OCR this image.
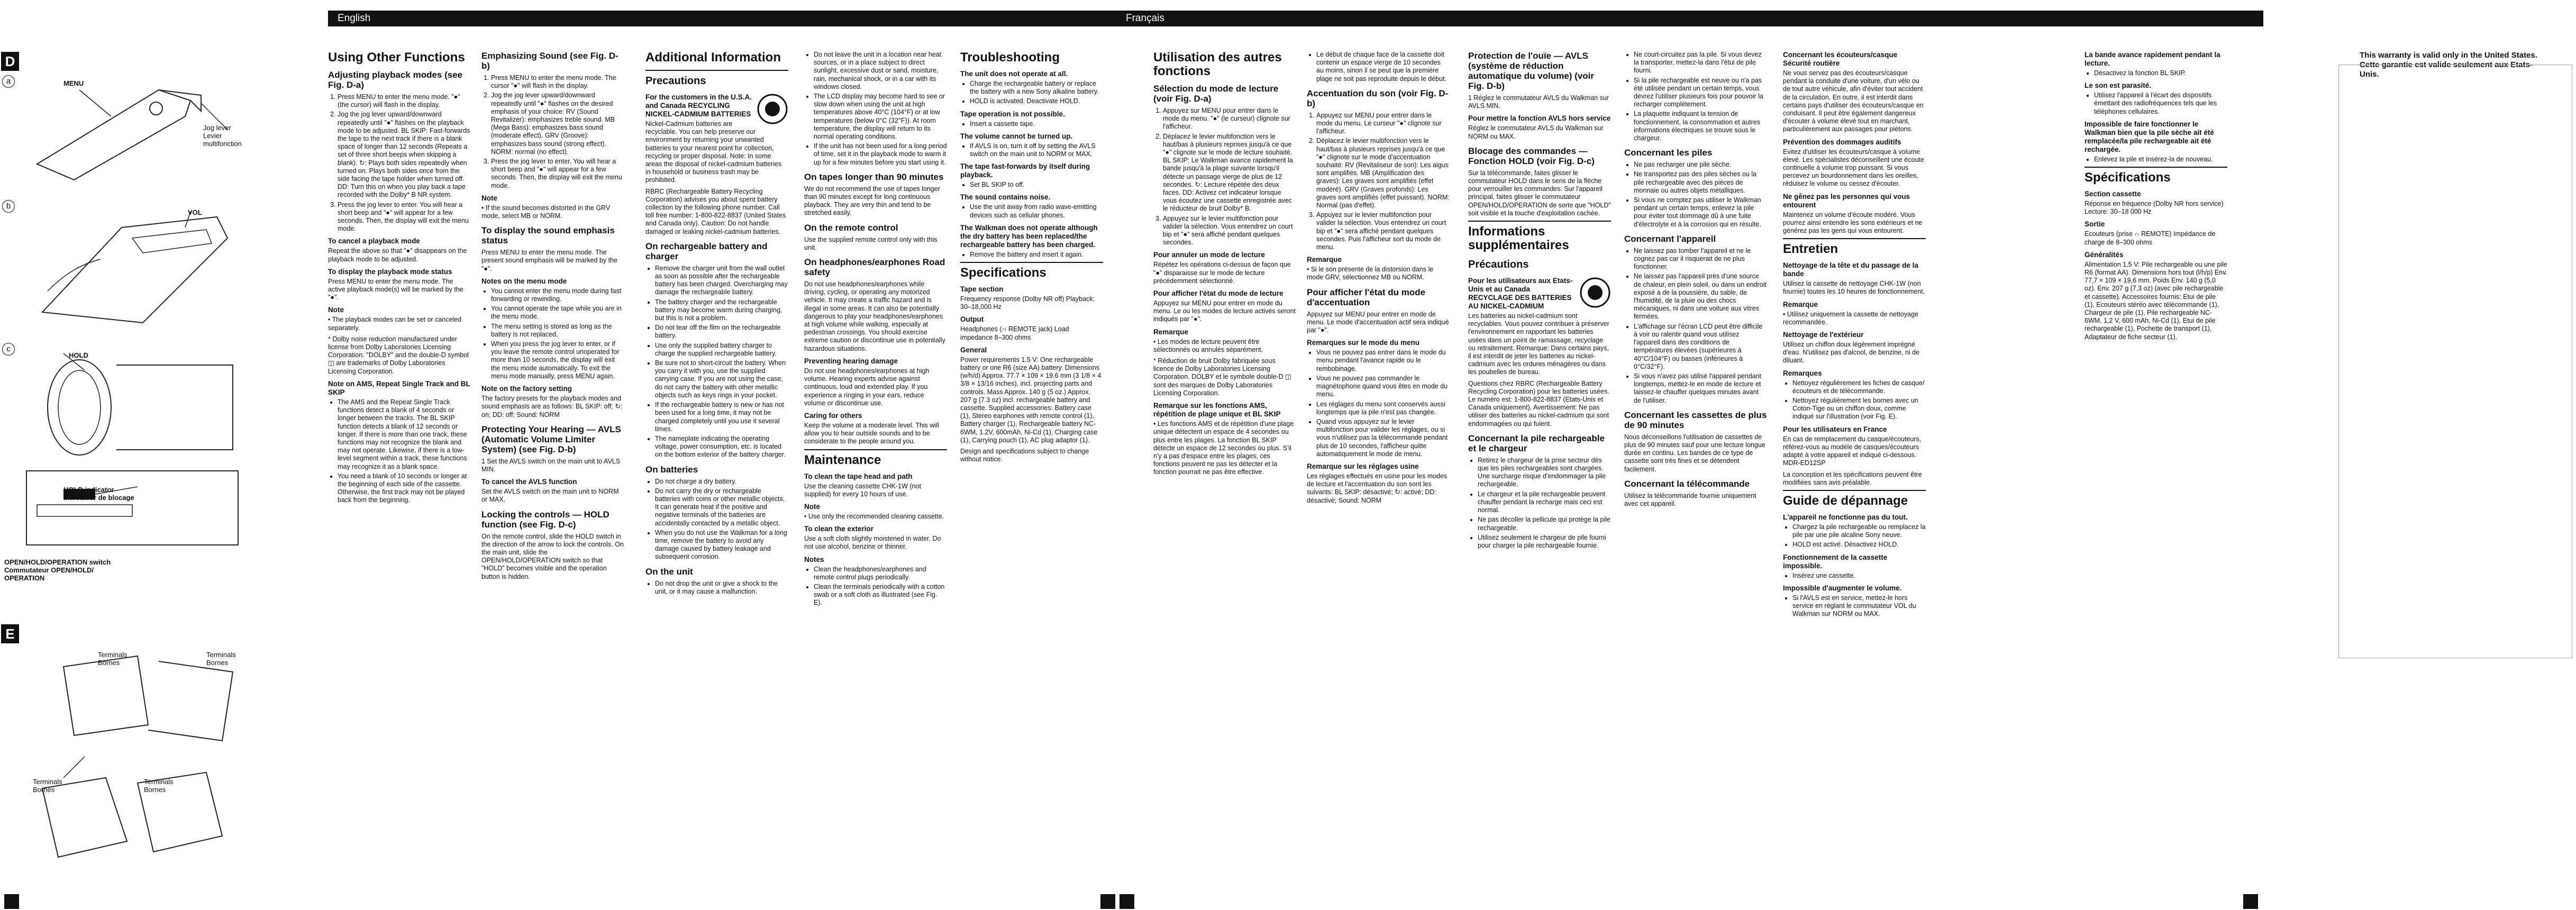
D
E
a
b
c
MENU
Jog lever
Levier
multifonction
VOL
HOLD
HOLD indicator
Indicateur de blocage
OPEN/HOLD/OPERATION switch
Commutateur OPEN/HOLD/
OPERATION
Terminals
Bornes
Terminals
Bornes
Terminals
Bornes
Terminals
Bornes
English
Using Other Functions
Adjusting playback modes (see Fig. D-a)
1. Press MENU to enter the menu mode. "●" (the cursor) will flash in the display.
2. Jog the jog lever upward/downward repeatedly until "●" flashes on the playback mode to be adjusted. BL SKIP: Fast-forwards the tape to the next track if there is a blank space of longer than 12 seconds (Repeats a set of three short beeps when skipping a blank). ↻: Plays both sides repeatedly when turned on. Plays both sides once from the side facing the tape holder when turned off. DD: Turn this on when you play back a tape recorded with the Dolby* B NR system.
3. Press the jog lever to enter. You will hear a short beep and "●" will appear for a few seconds. Then, the display will exit the menu mode.
To cancel a playback mode

Repeat the above so that "●" disappears on the playback mode to be adjusted.

To display the playback mode status

Press MENU to enter the menu mode. The active playback mode(s) will be marked by the "●".

Note

• The playback modes can be set or canceled separately.

* Dolby noise reduction manufactured under license from Dolby Laboratories Licensing Corporation. "DOLBY" and the double-D symbol ◫ are trademarks of Dolby Laboratories Licensing Corporation.

Note on AMS, Repeat Single Track and BL SKIP
• The AMS and the Repeat Single Track functions detect a blank of 4 seconds or longer between the tracks. The BL SKIP function detects a blank of 12 seconds or longer. If there is more than one track, these functions may not recognize the blank and may not operate. Likewise, if there is a low-level segment within a track, these functions may recognize it as a blank space.
• You need a blank of 10 seconds or longer at the beginning of each side of the cassette. Otherwise, the first track may not be played back from the beginning.
Emphasizing Sound (see Fig. D-b)
1. Press MENU to enter the menu mode. The cursor "●" will flash in the display.
2. Jog the jog lever upward/downward repeatedly until "●" flashes on the desired emphasis of your choice: RV (Sound Revitalizer): emphasizes treble sound. MB (Mega Bass): emphasizes bass sound (moderate effect). GRV (Groove): emphasizes bass sound (strong effect). NORM: normal (no effect).
3. Press the jog lever to enter. You will hear a short beep and "●" will appear for a few seconds. Then, the display will exit the menu mode.
Note

• If the sound becomes distorted in the GRV mode, select MB or NORM.

To display the sound emphasis status

Press MENU to enter the menu mode. The present sound emphasis will be marked by the "●".

Notes on the menu mode
• You cannot enter the menu mode during fast forwarding or rewinding.
• You cannot operate the tape while you are in the menu mode.
• The menu setting is stored as long as the battery is not replaced.
• When you press the jog lever to enter, or if you leave the remote control unoperated for more than 10 seconds, the display will exit the menu mode automatically. To exit the menu mode manually, press MENU again.
Note on the factory setting

The factory presets for the playback modes and sound emphasis are as follows: BL SKIP: off; ↻: on; DD: off; Sound: NORM

Protecting Your Hearing — AVLS (Automatic Volume Limiter System) (see Fig. D-b)

1 Set the AVLS switch on the main unit to AVLS MIN.

To cancel the AVLS function

Set the AVLS switch on the main unit to NORM or MAX.

Locking the controls — HOLD function (see Fig. D-c)

On the remote control, slide the HOLD switch in the direction of the arrow to lock the controls. On the main unit, slide the OPEN/HOLD/OPERATION switch so that "HOLD" becomes visible and the operation button is hidden.

Additional Information
Precautions
For the customers in the U.S.A. and Canada RECYCLING NICKEL-CADMIUM BATTERIES

Nickel-Cadmium batteries are recyclable. You can help preserve our environment by returning your unwanted batteries to your nearest point for collection, recycling or proper disposal. Note: In some areas the disposal of nickel-cadmium batteries in household or business trash may be prohibited.

RBRC (Rechargeable Battery Recycling Corporation) advises you about spent battery collection by the following phone number. Call toll free number: 1-800-822-8837 (United States and Canada only). Caution: Do not handle damaged or leaking nickel-cadmium batteries.

On rechargeable battery and charger
• Remove the charger unit from the wall outlet as soon as possible after the rechargeable battery has been charged. Overcharging may damage the rechargeable battery.
• The battery charger and the rechargeable battery may become warm during charging, but this is not a problem.
• Do not tear off the film on the rechargeable battery.
• Use only the supplied battery charger to charge the supplied rechargeable battery.
• Be sure not to short-circuit the battery. When you carry it with you, use the supplied carrying case. If you are not using the case, do not carry the battery with other metallic objects such as keys rings in your pocket.
• If the rechargeable battery is new or has not been used for a long time, it may not be charged completely until you use it several times.
• The nameplate indicating the operating voltage, power consumption, etc. is located on the bottom exterior of the battery charger.
On batteries
• Do not charge a dry battery.
• Do not carry the dry or rechargeable batteries with coins or other metallic objects. It can generate heat if the positive and negative terminals of the batteries are accidentally contacted by a metallic object.
• When you do not use the Walkman for a long time, remove the battery to avoid any damage caused by battery leakage and subsequent corrosion.
On the unit
• Do not drop the unit or give a shock to the unit, or it may cause a malfunction.
• Do not leave the unit in a location near heat sources, or in a place subject to direct sunlight, excessive dust or sand, moisture, rain, mechanical shock, or in a car with its windows closed.
• The LCD display may become hard to see or slow down when using the unit at high temperatures above 40°C (104°F) or at low temperatures (below 0°C (32°F)). At room temperature, the display will return to its normal operating conditions.
• If the unit has not been used for a long period of time, set it in the playback mode to warm it up for a few minutes before you start using it.
On tapes longer than 90 minutes

We do not recommend the use of tapes longer than 90 minutes except for long continuous playback. They are very thin and tend to be stretched easily.

On the remote control

Use the supplied remote control only with this unit.

On headphones/earphones Road safety

Do not use headphones/earphones while driving, cycling, or operating any motorized vehicle. It may create a traffic hazard and is illegal in some areas. It can also be potentially dangerous to play your headphones/earphones at high volume while walking, especially at pedestrian crossings. You should exercise extreme caution or discontinue use in potentially hazardous situations.

Preventing hearing damage

Do not use headphones/earphones at high volume. Hearing experts advise against continuous, loud and extended play. If you experience a ringing in your ears, reduce volume or discontinue use.

Caring for others

Keep the volume at a moderate level. This will allow you to hear outside sounds and to be considerate to the people around you.

Maintenance
To clean the tape head and path

Use the cleaning cassette CHK-1W (not supplied) for every 10 hours of use.

Note

• Use only the recommended cleaning cassette.

To clean the exterior

Use a soft cloth slightly moistened in water. Do not use alcohol, benzine or thinner.

Notes
• Clean the headphones/earphones and remote control plugs periodically.
• Clean the terminals periodically with a cotton swab or a soft cloth as illustrated (see Fig. E).
Troubleshooting
The unit does not operate at all.
• Charge the rechargeable battery or replace the battery with a new Sony alkaline battery.
• HOLD is activated. Deactivate HOLD.
Tape operation is not possible.
• Insert a cassette tape.
The volume cannot be turned up.
• If AVLS is on, turn it off by setting the AVLS switch on the main unit to NORM or MAX.
The tape fast-forwards by itself during playback.
• Set BL SKIP to off.
The sound contains noise.
• Use the unit away from radio wave-emitting devices such as cellular phones.
The Walkman does not operate although the dry battery has been replaced/the rechargeable battery has been charged.
• Remove the battery and insert it again.
Specifications
Tape section

Frequency response (Dolby NR off) Playback: 30–18,000 Hz

Output

Headphones (∩ REMOTE jack) Load impedance 8–300 ohms

General

Power requirements 1.5 V: One rechargeable battery or one R6 (size AA) battery. Dimensions (w/h/d) Approx. 77.7 × 109 × 19.6 mm (3 1/8 × 4 3/8 × 13/16 inches), incl. projecting parts and controls. Mass Approx. 140 g (5 oz.) Approx. 207 g (7.3 oz) incl. rechargeable battery and cassette. Supplied accessories: Battery case (1), Stereo earphones with remote control (1), Battery charger (1), Rechargeable battery NC-6WM, 1.2V, 600mAh, Ni-Cd (1), Charging case (1), Carrying pouch (1), AC plug adaptor (1).

Design and specifications subject to change without notice.

Français
Utilisation des autres fonctions
Sélection du mode de lecture (voir Fig. D-a)
1. Appuyez sur MENU pour entrer dans le mode du menu. "●" (le curseur) clignote sur l'afficheur.
2. Déplacez le levier multifonction vers le haut/bas à plusieurs reprises jusqu'à ce que "●" clignote sur le mode de lecture souhaité. BL SKIP: Le Walkman avance rapidement la bande jusqu'à la plage suivante lorsqu'il détecte un passage vierge de plus de 12 secondes. ↻: Lecture répétée des deux faces. DD: Activez cet indicateur lorsque vous écoutez une cassette enregistrée avec le réducteur de bruit Dolby* B.
3. Appuyez sur le levier multifonction pour valider la sélection. Vous entendrez un court bip et "●" sera affiché pendant quelques secondes.
Pour annuler un mode de lecture

Répétez les opérations ci-dessus de façon que "●" disparaisse sur le mode de lecture précédemment sélectionné.

Pour afficher l'état du mode de lecture

Appuyez sur MENU pour entrer en mode du menu. Le ou les modes de lecture activés seront indiqués par "●".

Remarque

• Les modes de lecture peuvent être sélectionnés ou annulés séparément.

* Réduction de bruit Dolby fabriquée sous licence de Dolby Laboratories Licensing Corporation. DOLBY et le symbole double-D ◫ sont des marques de Dolby Laboratories Licensing Corporation.

Remarque sur les fonctions AMS, répétition de plage unique et BL SKIP

• Les fonctions AMS et de répétition d'une plage unique détectent un espace de 4 secondes ou plus entre les plages. La fonction BL SKIP détecte un espace de 12 secondes ou plus. S'il n'y a pas d'espace entre les plages, ces fonctions peuvent ne pas les détecter et la fonction pourrait ne pas être effective.

• Le début de chaque face de la cassette doit contenir un espace vierge de 10 secondes au moins, sinon il se peut que la première plage ne soit pas reproduite depuis le début.
Accentuation du son (voir Fig. D-b)
1. Appuyez sur MENU pour entrer dans le mode du menu. Le curseur "●" clignote sur l'afficheur.
2. Déplacez le levier multifonction vers le haut/bas à plusieurs reprises jusqu'à ce que "●" clignote sur le mode d'accentuation souhaité: RV (Revitaliseur de son): Les aigus sont amplifiés. MB (Amplification des graves): Les graves sont amplifiés (effet modéré). GRV (Graves profonds): Les graves sont amplifiés (effet puissant). NORM: Normal (pas d'effet).
3. Appuyez sur le levier multifonction pour valider la sélection. Vous entendrez un court bip et "●" sera affiché pendant quelques secondes. Puis l'afficheur sort du mode de menu.
Remarque

• Si le son présente de la distorsion dans le mode GRV, sélectionnez MB ou NORM.

Pour afficher l'état du mode d'accentuation

Appuyez sur MENU pour entrer en mode de menu. Le mode d'accentuation actif sera indiqué par "●".

Remarques sur le mode du menu
• Vous ne pouvez pas entrer dans le mode du menu pendant l'avance rapide ou le rembobinage.
• Vous ne pouvez pas commander le magnétophone quand vous êtes en mode du menu.
• Les réglages du menu sont conservés aussi longtemps que la pile n'est pas changée.
• Quand vous appuyez sur le levier multifonction pour valider les réglages, ou si vous n'utilisez pas la télécommande pendant plus de 10 secondes, l'afficheur quitte automatiquement le mode de menu.
Remarque sur les réglages usine

Les réglages effectués en usine pour les modes de lecture et l'accentuation du son sont les suivants: BL SKIP: désactivé; ↻: activé; DD: désactivé; Sound: NORM

Protection de l'ouïe — AVLS (système de réduction automatique du volume) (voir Fig. D-b)

1 Réglez le commutateur AVLS du Walkman sur AVLS MIN.

Pour mettre la fonction AVLS hors service

Réglez le commutateur AVLS du Walkman sur NORM ou MAX.

Blocage des commandes — Fonction HOLD (voir Fig. D-c)

Sur la télécommande, faites glisser le commutateur HOLD dans le sens de la flèche pour verrouiller les commandes. Sur l'appareil principal, faites glisser le commutateur OPEN/HOLD/OPERATION de sorte que "HOLD" soit visible et la touche d'exploitation cachée.

Informations supplémentaires
Précautions
Pour les utilisateurs aux Etats-Unis et au Canada RECYCLAGE DES BATTERIES AU NICKEL-CADMIUM

Les batteries au nickel-cadmium sont recyclables. Vous pouvez contribuer à préserver l'environnement en rapportant les batteries usées dans un point de ramassage, recyclage ou retraitement. Remarque: Dans certains pays, il est interdit de jeter les batteries au nickel-cadmium avec les ordures ménagères ou dans les poubelles de bureau.

Questions chez RBRC (Rechargeable Battery Recycling Corporation) pour les batteries usées. Le numéro est: 1-800-822-8837 (Etats-Unis et Canada uniquement). Avertissement: Ne pas utiliser des batteries au nickel-cadmium qui sont endommagées ou qui fuient.

Concernant la pile rechargeable et le chargeur
• Retirez le chargeur de la prise secteur dès que les piles rechargeables sont chargées. Une surcharge risque d'endommager la pile rechargeable.
• Le chargeur et la pile rechargeable peuvent chauffer pendant la recharge mais ceci est normal.
• Ne pas décoller la pellicule qui protège la pile rechargeable.
• Utilisez seulement le chargeur de pile fourni pour charger la pile rechargeable fournie.
• Ne court-circuitez pas la pile. Si vous devez la transporter, mettez-la dans l'étui de pile fourni.
• Si la pile rechargeable est neuve ou n'a pas été utilisée pendant un certain temps, vous devrez l'utiliser plusieurs fois pour pouvoir la recharger complètement.
• La plaquette indiquant la tension de fonctionnement, la consommation et autres informations électriques se trouve sous le chargeur.
Concernant les piles
• Ne pas recharger une pile sèche.
• Ne transportez pas des piles sèches ou la pile rechargeable avec des pièces de monnaie ou autres objets métalliques.
• Si vous ne comptez pas utiliser le Walkman pendant un certain temps, enlevez la pile pour éviter tout dommage dû à une fuite d'électrolyte et à la corrosion qui en résulte.
Concernant l'appareil
• Ne laissez pas tomber l'appareil et ne le cognez pas car il risquerait de ne plus fonctionner.
• Ne laissez pas l'appareil près d'une source de chaleur, en plein soleil, ou dans un endroit exposé à de la poussière, du sable, de l'humidité, de la pluie ou des chocs mécaniques, ni dans une voiture aux vitres fermées.
• L'affichage sur l'écran LCD peut être difficile à voir ou ralentir quand vous utilisez l'appareil dans des conditions de températures élevées (supérieures à 40°C/104°F) ou basses (inférieures à 0°C/32°F).
• Si vous n'avez pas utilisé l'appareil pendant longtemps, mettez-le en mode de lecture et laissez-le chauffer quelques minutes avant de l'utiliser.
Concernant les cassettes de plus de 90 minutes

Nous déconseillons l'utilisation de cassettes de plus de 90 minutes sauf pour une lecture longue durée en continu. Les bandes de ce type de cassette sont très fines et se détendent facilement.

Concernant la télécommande

Utilisez la télécommande fournie uniquement avec cet appareil.

Concernant les écouteurs/casque Sécurité routière

Ne vous servez pas des écouteurs/casque pendant la conduite d'une voiture, d'un vélo ou de tout autre véhicule, afin d'éviter tout accident de la circulation. En outre, il est interdit dans certains pays d'utiliser des écouteurs/casque en conduisant. Il peut être également dangereux d'écouter à volume élevé tout en marchant, particulièrement aux passages pour piétons.

Prévention des dommages auditifs

Evitez d'utiliser les écouteurs/casque à volume élevé. Les spécialistes déconseillent une écoute continuelle à volume trop puissant. Si vous percevez un bourdonnement dans les oreilles, réduisez le volume ou cessez d'écouter.

Ne gênez pas les personnes qui vous entourent

Maintenez un volume d'écoute modéré. Vous pourrez ainsi entendre les sons extérieurs et ne générez pas les gens qui vous entourent.

Entretien
Nettoyage de la tête et du passage de la bande

Utilisez la cassette de nettoyage CHK-1W (non fournie) toutes les 10 heures de fonctionnement.

Remarque

• Utilisez uniquement la cassette de nettoyage recommandée.

Nettoyage de l'extérieur

Utilisez un chiffon doux légèrement imprégné d'eau. N'utilisez pas d'alcool, de benzine, ni de diluant.

Remarques
• Nettoyez régulièrement les fiches de casque/écouteurs et de télécommande.
• Nettoyez régulièrement les bornes avec un Coton-Tige ou un chiffon doux, comme indiqué sur l'illustration (voir Fig. E).
Pour les utilisateurs en France

En cas de remplacement du casque/écouteurs, référez-vous au modèle de casques/écouteurs adapté à votre appareil et indiqué ci-dessous. MDR-ED12SP

La conception et les spécifications peuvent être modifiées sans avis préalable.

Guide de dépannage
L'appareil ne fonctionne pas du tout.
• Chargez la pile rechargeable ou remplacez la pile par une pile alcaline Sony neuve.
• HOLD est activé. Désactivez HOLD.
Fonctionnement de la cassette impossible.
• Insérez une cassette.
Impossible d'augmenter le volume.
• Si l'AVLS est en service, mettez-le hors service en réglant le commutateur VOL du Walkman sur NORM ou MAX.
La bande avance rapidement pendant la lecture.
• Désactivez la fonction BL SKIP.
Le son est parasité.
• Utilisez l'appareil à l'écart des dispositifs émettant des radiofréquences tels que les téléphones cellulaires.
Impossible de faire fonctionner le Walkman bien que la pile sèche ait été remplacée/la pile rechargeable ait été rechargée.
• Enlevez la pile et insérez-la de nouveau.
Spécifications
Section cassette

Réponse en fréquence (Dolby NR hors service) Lecture: 30–18 000 Hz

Sortie

Ecouteurs (prise ∩ REMOTE) Impédance de charge de 8–300 ohms

Généralités

Alimentation 1,5 V: Pile rechargeable ou une pile R6 (format AA). Dimensions hors tout (l/h/p) Env. 77,7 × 109 × 19,6 mm. Poids Env. 140 g (5,0 oz). Env. 207 g (7,3 oz) (avec pile rechargeable et cassette). Accessoires fournis: Etui de pile (1), Ecouteurs stéréo avec télécommande (1), Chargeur de pile (1), Pile rechargeable NC-6WM, 1,2 V, 600 mAh, Ni-Cd (1), Etui de pile rechargeable (1), Pochette de transport (1), Adaptateur de fiche secteur (1).

This warranty is valid only in the United States.
Cette garantie est valide seulement aux Etats-Unis.
